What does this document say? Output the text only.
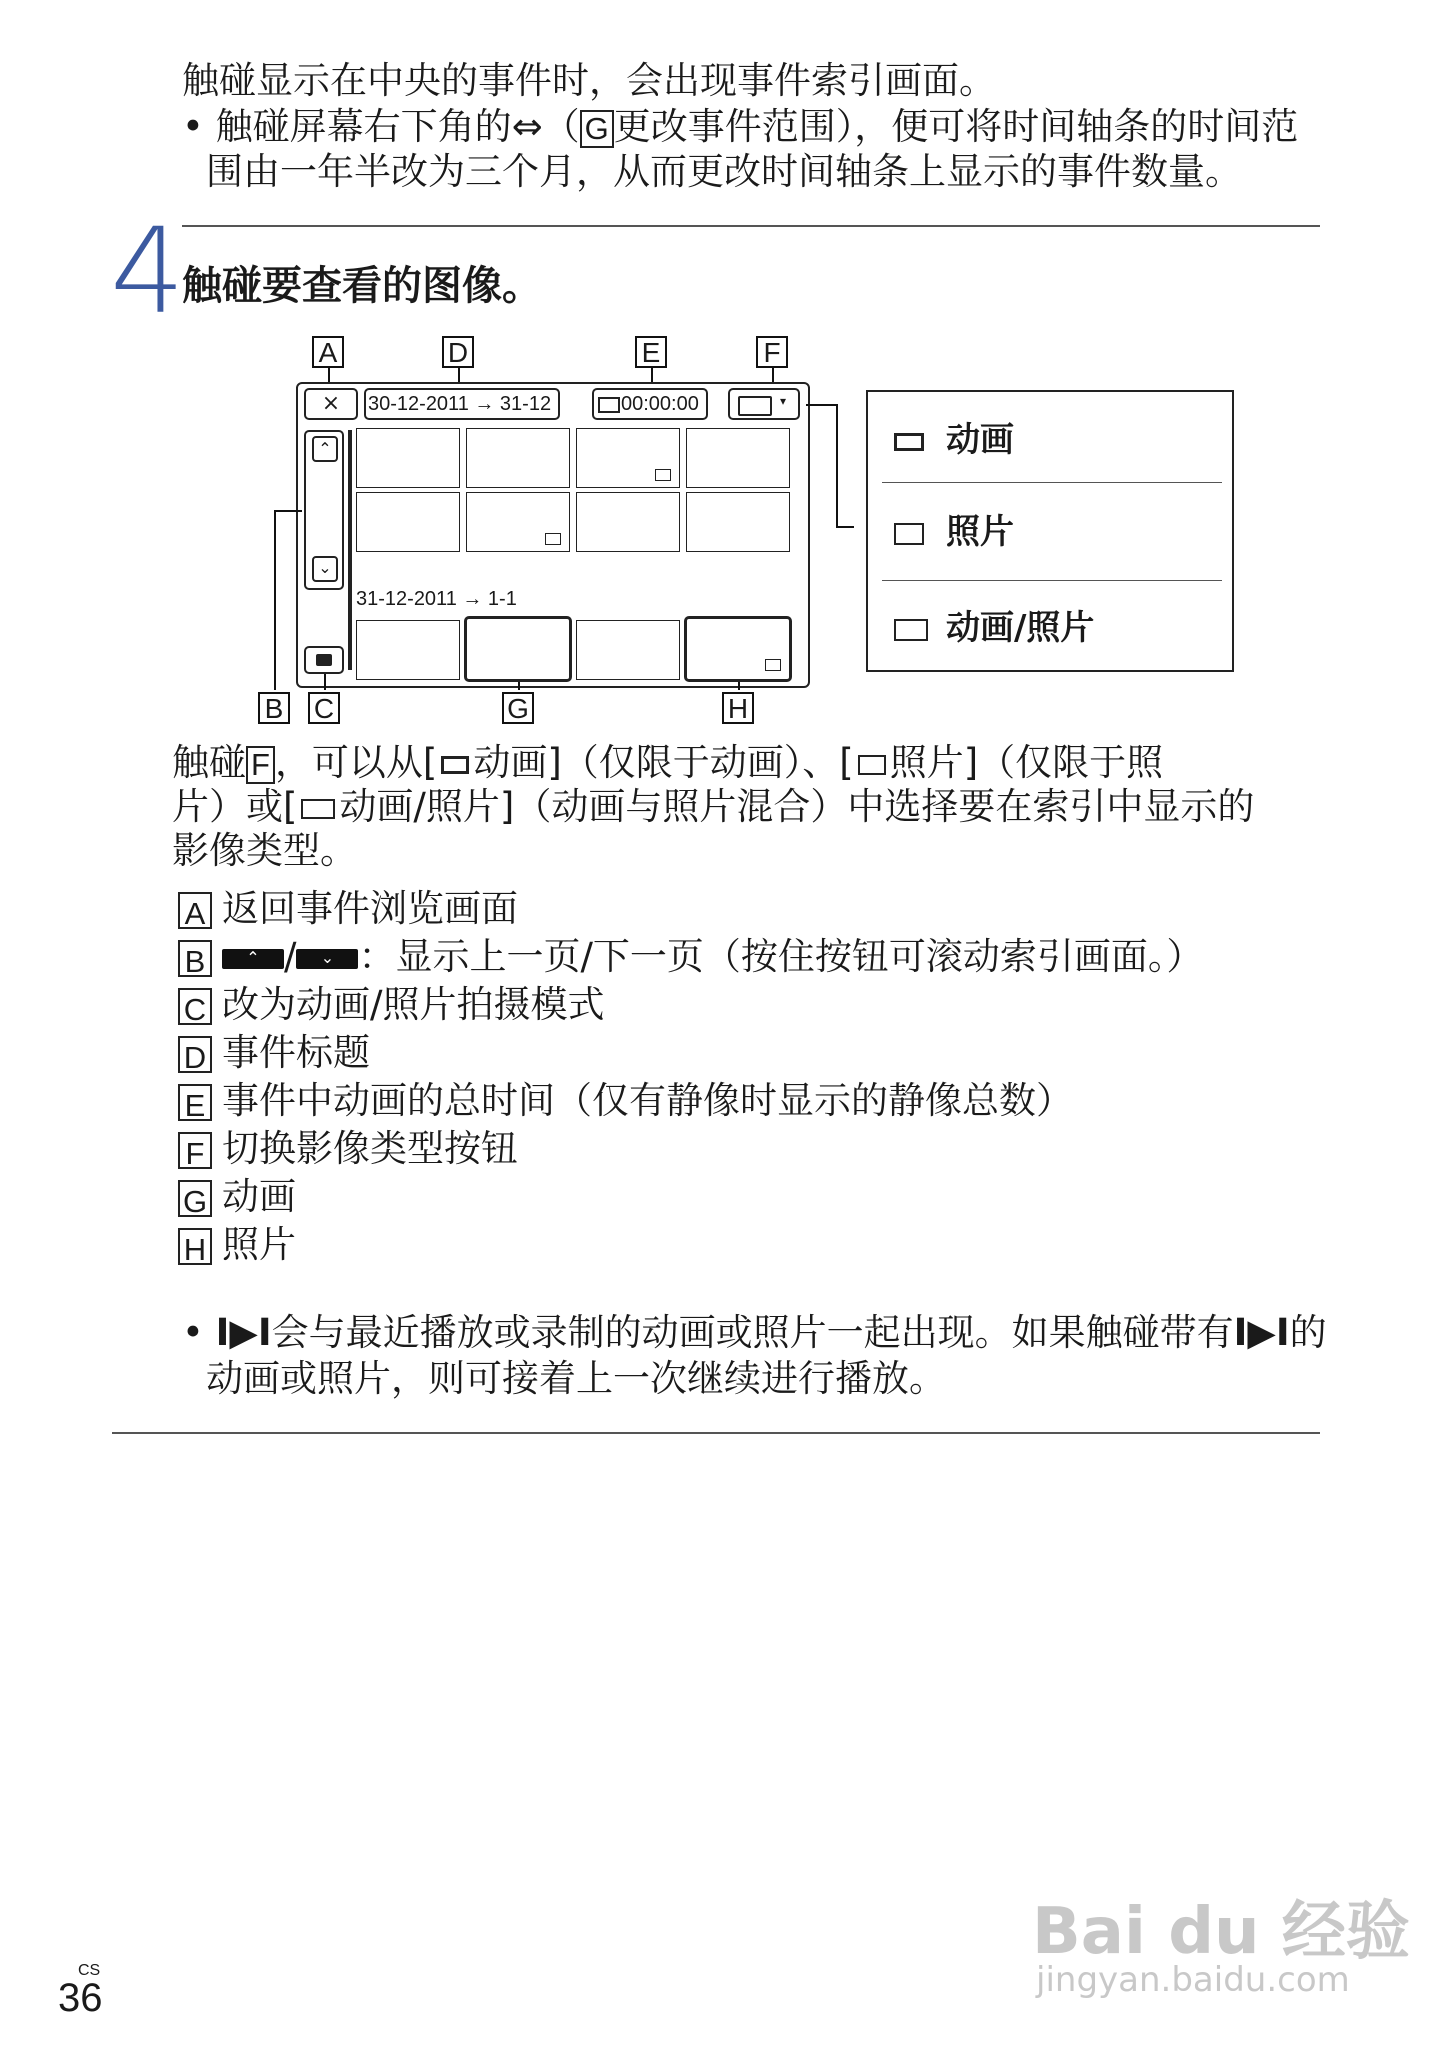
触碰显示在中央的事件时，会出现事件索引画面。
• 触碰屏幕右下角的⇔（ G 更改事件范围），便可将时间轴条的时间范
围由一年半改为三个月，从而更改时间轴条上显示的事件数量。
4
触碰要查看的图像。
A	D	E	F
×	30-12-2011 → 31-12	00:00:00	▾
⌃
⌄
31-12-2011 → 1-1
B C	G	H
动画
照片
动画/照片
触碰 F ，可以从[ 动画]（仅限于动画）、[ 照片]（仅限于照
片）或[ 动画/照片]（动画与照片混合）中选择要在索引中显示的
影像类型。
A 返回事件浏览画面
B	⌃ / ⌄ ：显示上一页/下一页（按住按钮可滚动索引画面。）
C 改为动画/照片拍摄模式
D 事件标题
E 事件中动画的总时间（仅有静像时显示的静像总数）
F 切换影像类型按钮
G 动画
H 照片
• I▶I会与最近播放或录制的动画或照片一起出现。如果触碰带有I▶I的
动画或照片，则可接着上一次继续进行播放。
CS
36
Bai du 经验
jingyan.baidu.com
